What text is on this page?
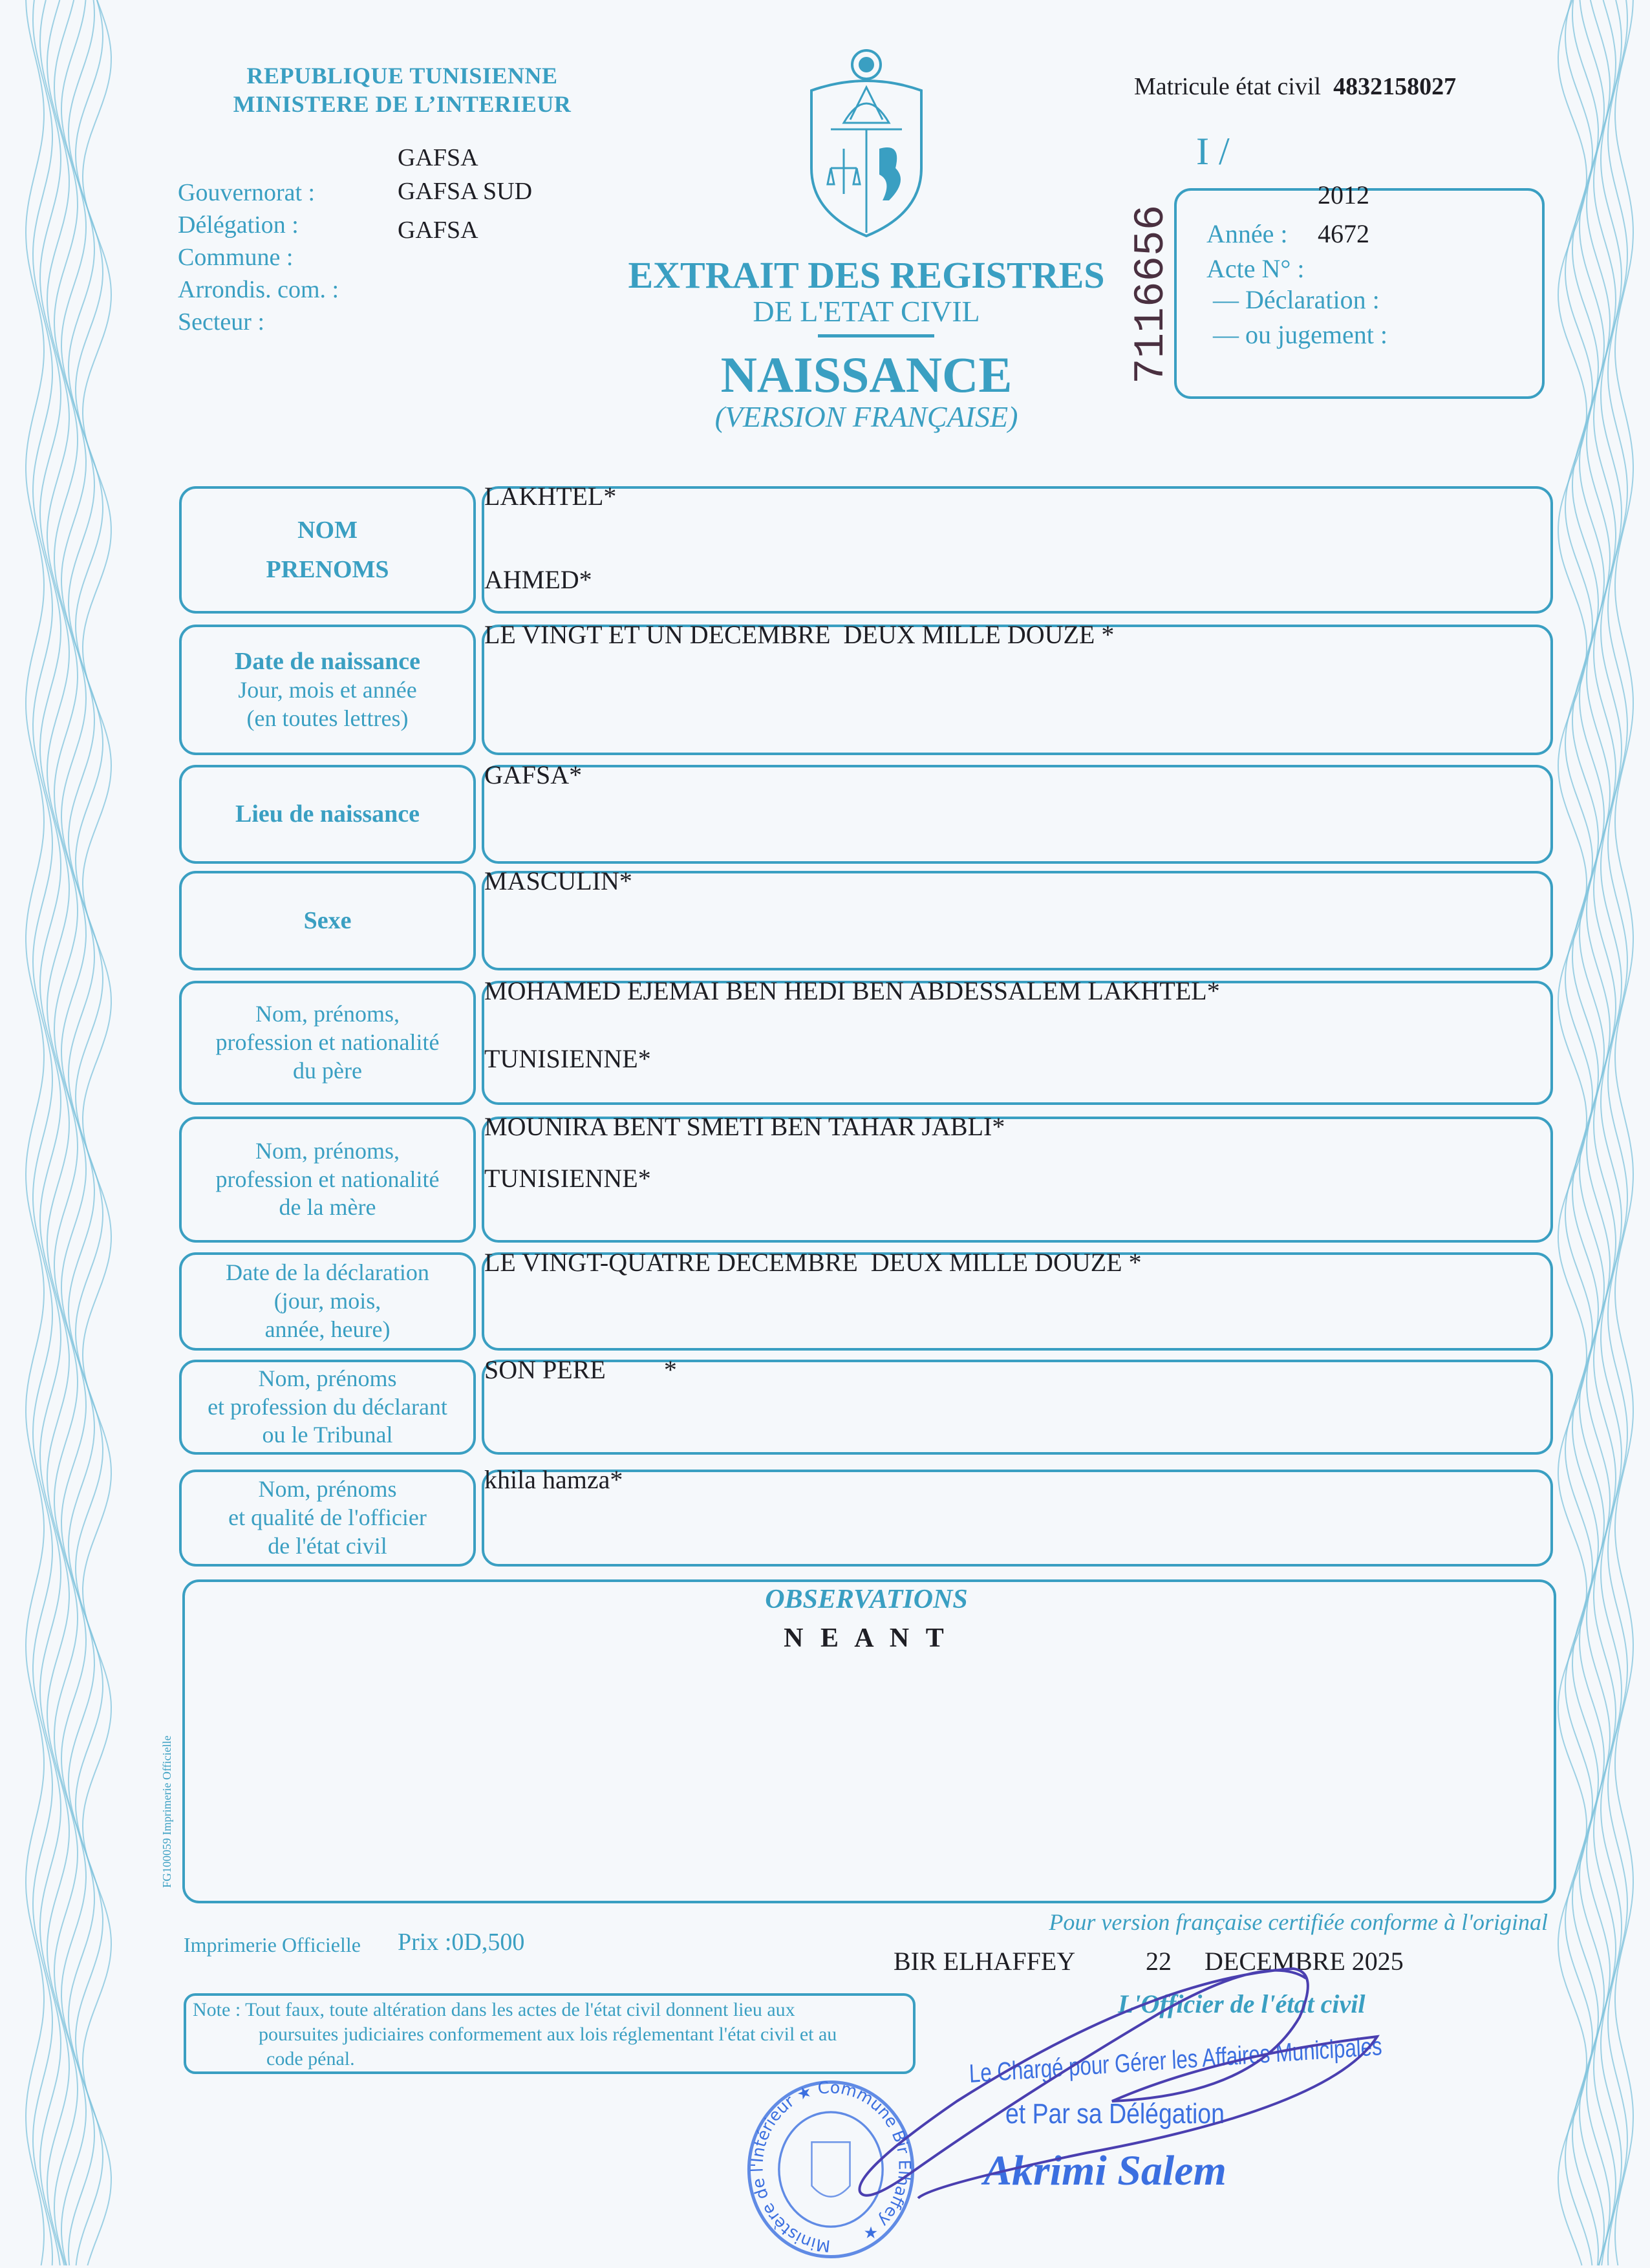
REPUBLIQUE TUNISIENNE
MINISTERE DE L’INTERIEUR
Gouvernorat :
Délégation :
Commune :
Arrondis. com. :
Secteur :
GAFSA
GAFSA SUD
GAFSA
EXTRAIT DES REGISTRES
DE L'ETAT CIVIL
NAISSANCE
(VERSION FRANÇAISE)
Matricule état civil 4832158027
I /
7116656
2012
Année : 4672
Acte N° :
— Déclaration :
— ou jugement :
NOM
PRENOMS
LAKHTEL*
AHMED*
Date de naissance
Jour, mois et année
(en toutes lettres)
LE VINGT ET UN DECEMBRE  DEUX MILLE DOUZE *
Lieu de naissance
GAFSA*
Sexe
MASCULIN*
Nom, prénoms,
profession et nationalité
du père
MOHAMED EJEMAI BEN HEDI BEN ABDESSALEM LAKHTEL*
TUNISIENNE*
Nom, prénoms,
profession et nationalité
de la mère
MOUNIRA BENT SMETI BEN TAHAR JABLI*
TUNISIENNE*
Date de la déclaration
(jour, mois,
année, heure)
LE VINGT-QUATRE DECEMBRE  DEUX MILLE DOUZE *
Nom, prénoms
et profession du déclarant
ou le Tribunal
SON PERE         *
Nom, prénoms
et qualité de l'officier
de l'état civil
khila hamza*
OBSERVATIONS
N E A N T
FG100059 Imprimerie Officielle
Imprimerie Officielle Prix :0D,500
Pour version française certifiée conforme à l'original
BIR ELHAFFEY	22 DECEMBRE 2025
L'Officier de l'état civil
Note : Tout faux, toute altération dans les actes de l'état civil donnent lieu aux
poursuites judiciaires conformement aux lois réglementant l'état civil et au
code pénal.
Ministère de l'Intérieur ★ Commune Bir Elhaffey ★
Le Chargé pour Gérer les Affaires Municipales
et Par sa Délégation
Akrimi Salem
